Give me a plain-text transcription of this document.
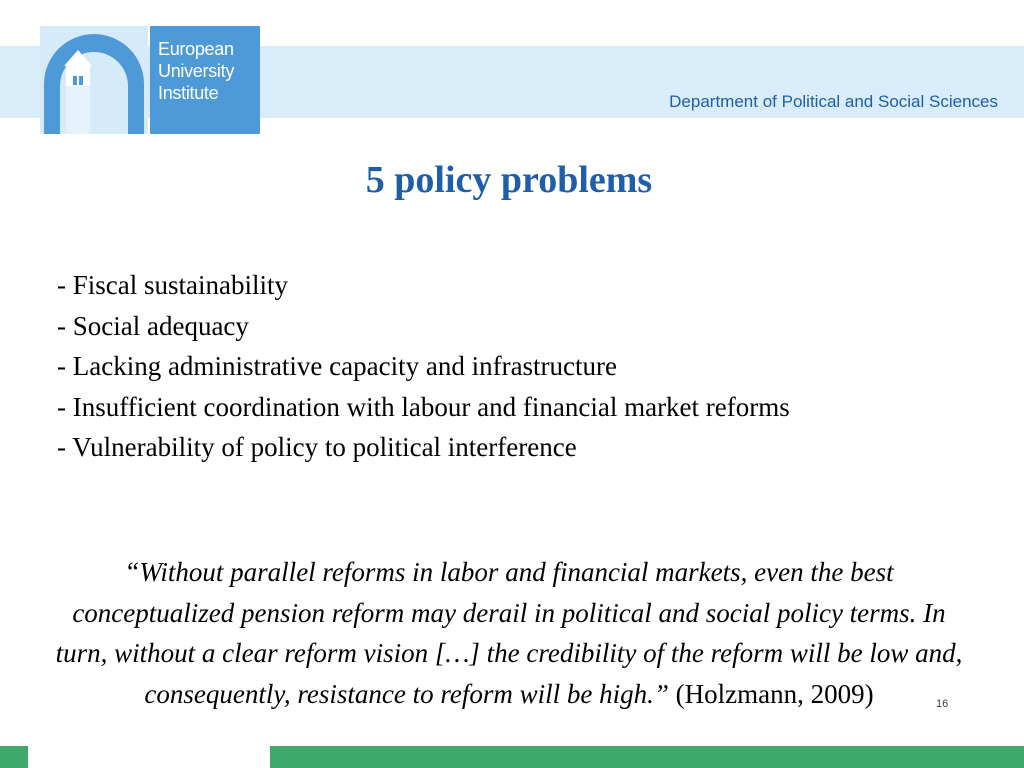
European
University
Institute	Department of Political and Social Sciences
5 policy problems
- Fiscal sustainability
- Social adequacy
- Lacking administrative capacity and infrastructure
- Insufficient coordination with labour and financial market reforms
- Vulnerability of policy to political interference

“Without parallel reforms in labor and financial markets, even the best conceptualized pension reform may derail in political and social policy terms. In turn, without a clear reform vision […] the credibility of the reform will be low and, consequently, resistance to reform will be high.” (Holzmann, 2009)	16
